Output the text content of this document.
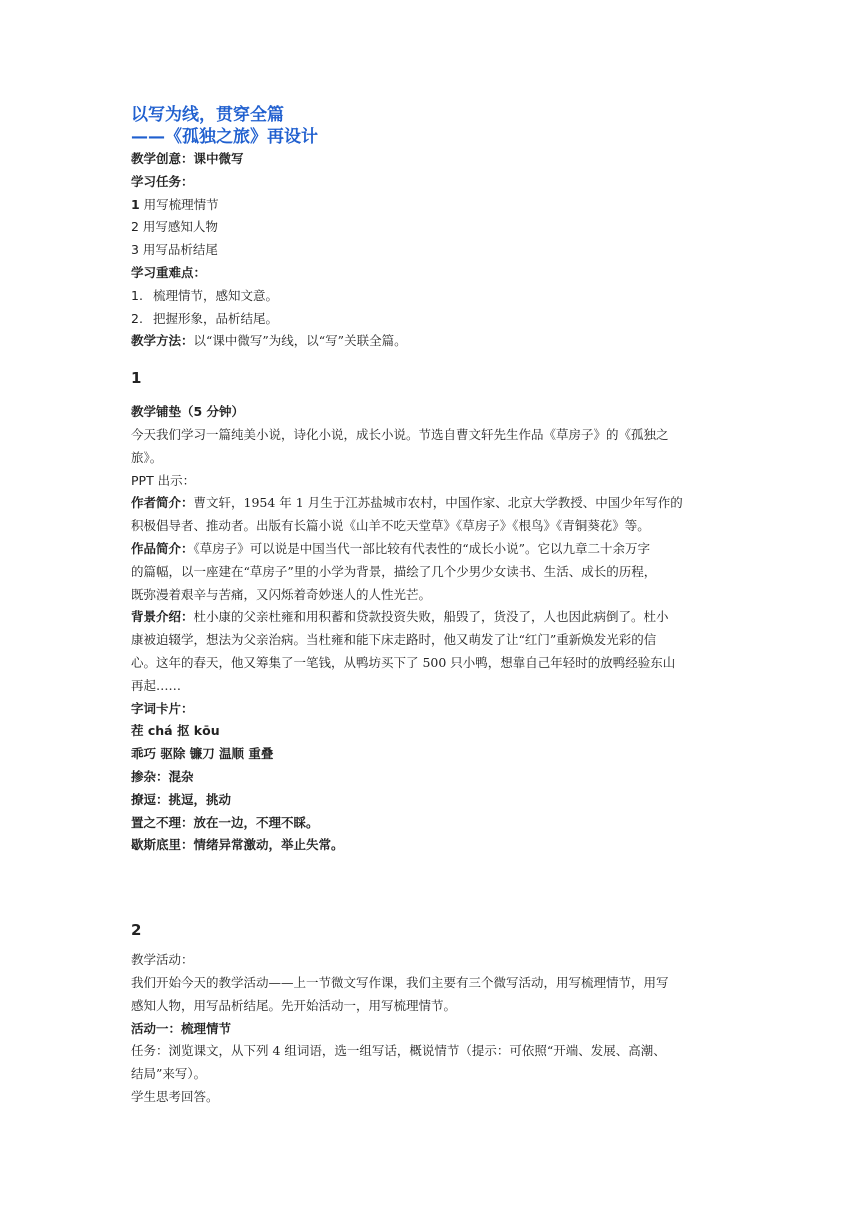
以写为线，贯穿全篇

——《孤独之旅》再设计

教学创意：课中微写

学习任务：

1 用写梳理情节

2 用写感知人物

3 用写品析结尾

学习重难点：

1. 梳理情节，感知文意。

2. 把握形象，品析结尾。

教学方法：以“课中微写”为线，以“写”关联全篇。

1

教学铺垫（5 分钟）

今天我们学习一篇纯美小说，诗化小说，成长小说。节选自曹文轩先生作品《草房子》的《孤独之

旅》。

PPT 出示：

作者简介：曹文轩，1954 年 1 月生于江苏盐城市农村，中国作家、北京大学教授、中国少年写作的

积极倡导者、推动者。出版有长篇小说《山羊不吃天堂草》《草房子》《根鸟》《青铜葵花》等。

作品简介：《草房子》可以说是中国当代一部比较有代表性的“成长小说”。它以九章二十余万字

的篇幅，以一座建在“草房子”里的小学为背景，描绘了几个少男少女读书、生活、成长的历程，

既弥漫着艰辛与苦痛，又闪烁着奇妙迷人的人性光芒。

背景介绍：杜小康的父亲杜雍和用积蓄和贷款投资失败，船毁了，货没了，人也因此病倒了。杜小

康被迫辍学，想法为父亲治病。当杜雍和能下床走路时，他又萌发了让“红门”重新焕发光彩的信

心。这年的春天，他又筹集了一笔钱，从鸭坊买下了 500 只小鸭，想靠自己年轻时的放鸭经验东山

再起……

字词卡片：

茬 chá 抠 kōu

乖巧 驱除 镰刀 温顺 重叠

掺杂：混杂

撩逗：挑逗，挑动

置之不理：放在一边，不理不睬。

歇斯底里：情绪异常激动，举止失常。

2

教学活动：

我们开始今天的教学活动——上一节微文写作课，我们主要有三个微写活动，用写梳理情节，用写

感知人物，用写品析结尾。先开始活动一，用写梳理情节。

活动一：梳理情节

任务：浏览课文，从下列 4 组词语，选一组写话，概说情节（提示：可依照“开端、发展、高潮、

结局”来写）。

学生思考回答。
